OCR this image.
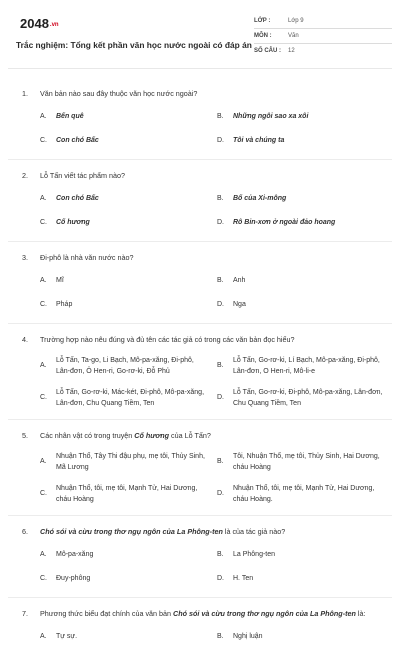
2048.vn
Trắc nghiệm: Tổng kết phần văn học nước ngoài có đáp án
LỚP :	Lớp 9
MÔN :	Văn
SỐ CÂU :	12
1.	Văn bản nào sau đây thuộc văn học nước ngoài?
A.	Bến quê	B.	Những ngôi sao xa xôi
C.	Con chó Bấc	D.	Tôi và chúng ta
2.	Lỗ Tấn viết tác phẩm nào?
A.	Con chó Bấc	B.	Bố của Xi-mông
C.	Cố hương	D.	Rô Bin-xơn ở ngoài đảo hoang
3.	Đi-phô là nhà văn nước nào?
A.	Mĩ	B.	Anh
C.	Pháp	D.	Nga
4.	Trường hợp nào nêu đúng và đủ tên các tác giả có trong các văn bản đọc hiểu?
A.
Lỗ Tấn, Ta-go, Li Bạch, Mô-pa-xăng, Đi-phô, Lân-đơn, Ô Hen-ri, Go-rơ-ki, Đỗ Phủ
B.
Lỗ Tấn, Go-rơ-ki, Lí Bạch, Mô-pa-xăng, Đi-phô, Lân-đơn, O Hen-ri, Mô-li-e
C.
Lỗ Tấn, Go-rơ-ki, Mác-két, Đi-phô, Mô-pa-xăng, Lân-đơn, Chu Quang Tiềm, Ten
D.
Lỗ Tấn, Go-rơ-ki, Đi-phô, Mô-pa-xăng, Lân-đơn, Chu Quang Tiềm, Ten
5.	Các nhân vật có trong truyện Cố hương của Lỗ Tấn?
A.
Nhuận Thổ, Tây Thi đậu phụ, mẹ tôi, Thủy Sinh, Mã Lương
B.
Tôi, Nhuận Thổ, mẹ tôi, Thủy Sinh, Hai Dương, cháu Hoàng
C.
Nhuận Thổ, tôi, mẹ tôi, Mạnh Tử, Hai Dương, cháu Hoàng
D.
Nhuận Thổ, tôi, mẹ tôi, Mạnh Tử, Hai Dương, cháu Hoàng.
6.	Chó sói và cừu trong thơ ngụ ngôn của La Phông-ten là của tác giả nào?
A.	Mô-pa-xăng	B.	La Phông-ten
C.	Đuy-phông	D.	H. Ten
7.	Phương thức biểu đạt chính của văn bản Chó sói và cừu trong thơ ngụ ngôn của La Phông-ten là:
A.	Tự sự.	B.	Nghị luận
